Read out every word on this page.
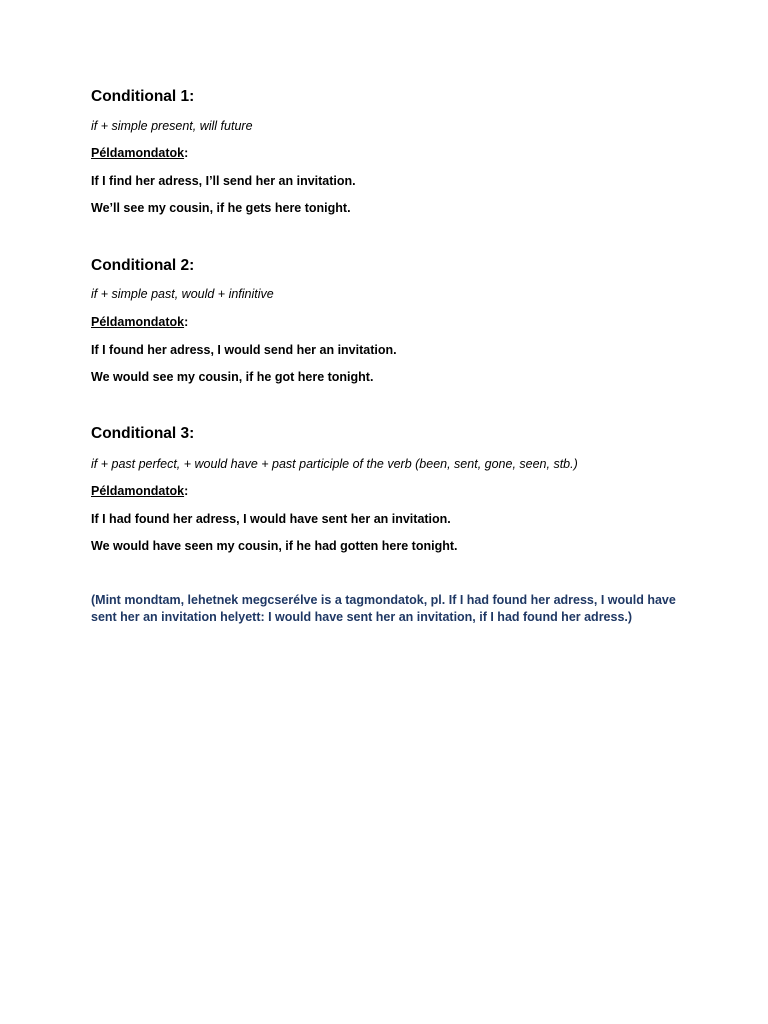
Conditional 1:
if + simple present, will future
Példamondatok:
If I find her adress, I’ll send her an invitation.
We’ll see my cousin, if he gets here tonight.
Conditional 2:
if + simple past, would + infinitive
Példamondatok:
If I found her adress, I would send her an invitation.
We would see my cousin, if he got here tonight.
Conditional 3:
if + past perfect, + would have + past participle of the verb (been, sent, gone, seen, stb.)
Példamondatok:
If I had found her adress, I would have sent her an invitation.
We would have seen my cousin, if he had gotten here tonight.
(Mint mondtam, lehetnek megcserélve is a tagmondatok, pl. If I had found her adress, I would have sent her an invitation helyett: I would have sent her an invitation, if I had found her adress.)
